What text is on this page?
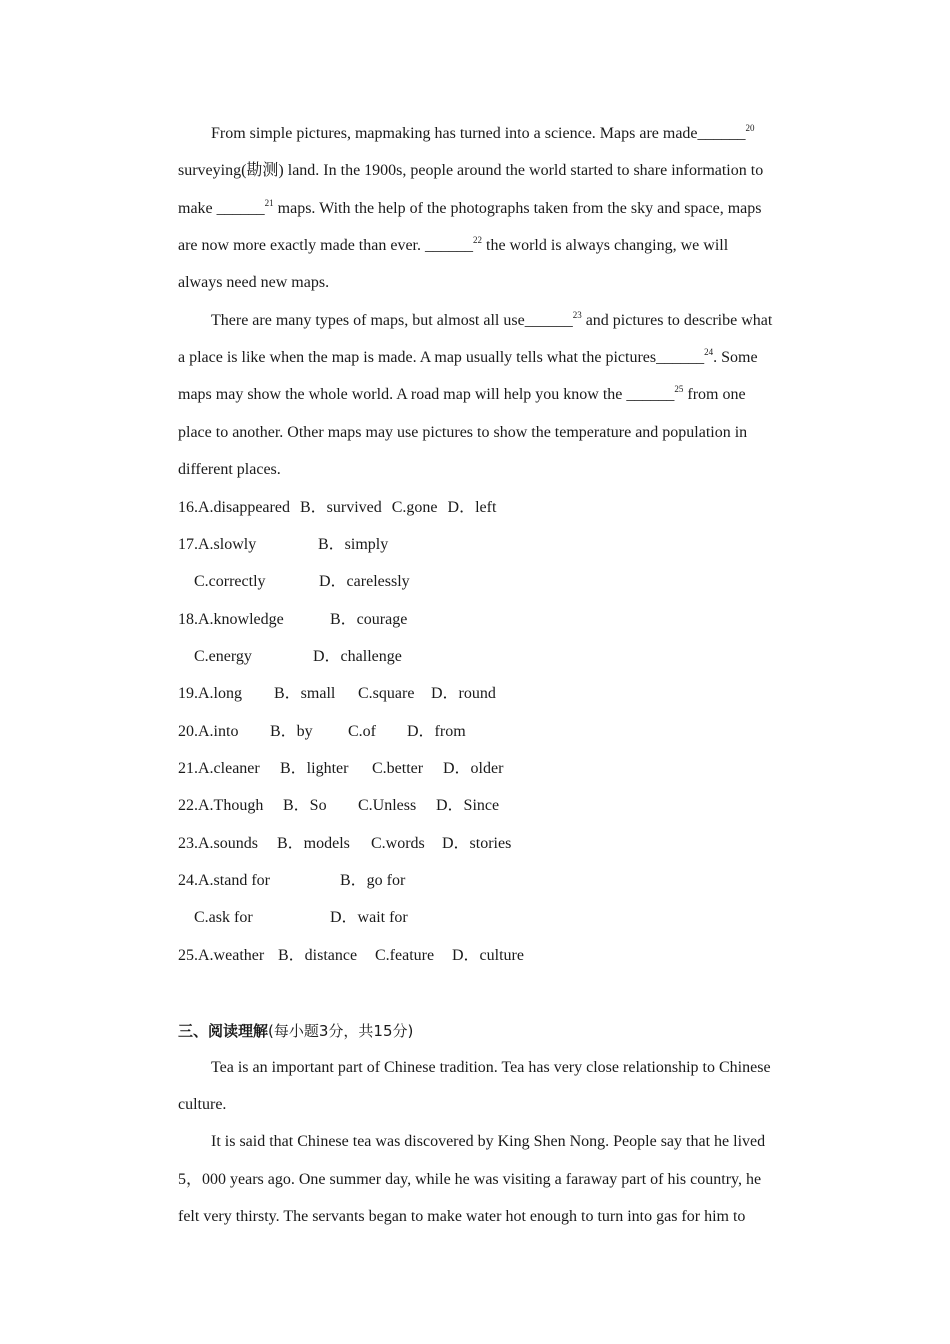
From simple pictures, mapmaking has turned into a science. Maps are made______$^{20}$
surveying(勘测) land. In the 1900s, people around the world started to share information to
make ______$^{21}$ maps. With the help of the photographs taken from the sky and space, maps
are now more exactly made than ever. ______$^{22}$ the world is always changing, we will
always need new maps.
There are many types of maps, but almost all use______$^{23}$ and pictures to describe what
a place is like when the map is made. A map usually tells what the pictures______$^{24}$. Some
maps may show the whole world. A road map will help you know the ______$^{25}$ from one
place to another. Other maps may use pictures to show the temperature and population in
different places.
16.A.disappeared B．survived C.gone D．left
17.A.slowly	B．simply
C.correctly	D．carelessly
18.A.knowledge	B．courage
C.energy	D．challenge
19.A.long B．small C.square D．round
20.A.into B．by C.of D．from
21.A.cleaner B．lighter C.better D．older
22.A.Though B．So C.Unless D．Since
23.A.sounds B．models C.words D．stories
24.A.stand for	B．go for
C.ask for	D．wait for
25.A.weather B．distance C.feature D．culture
三、阅读理解(每小题3分，共15分)
Tea is an important part of Chinese tradition. Tea has very close relationship to Chinese
culture.
It is said that Chinese tea was discovered by King Shen Nong. People say that he lived
5，000 years ago. One summer day, while he was visiting a faraway part of his country, he
felt very thirsty. The servants began to make water hot enough to turn into gas for him to
